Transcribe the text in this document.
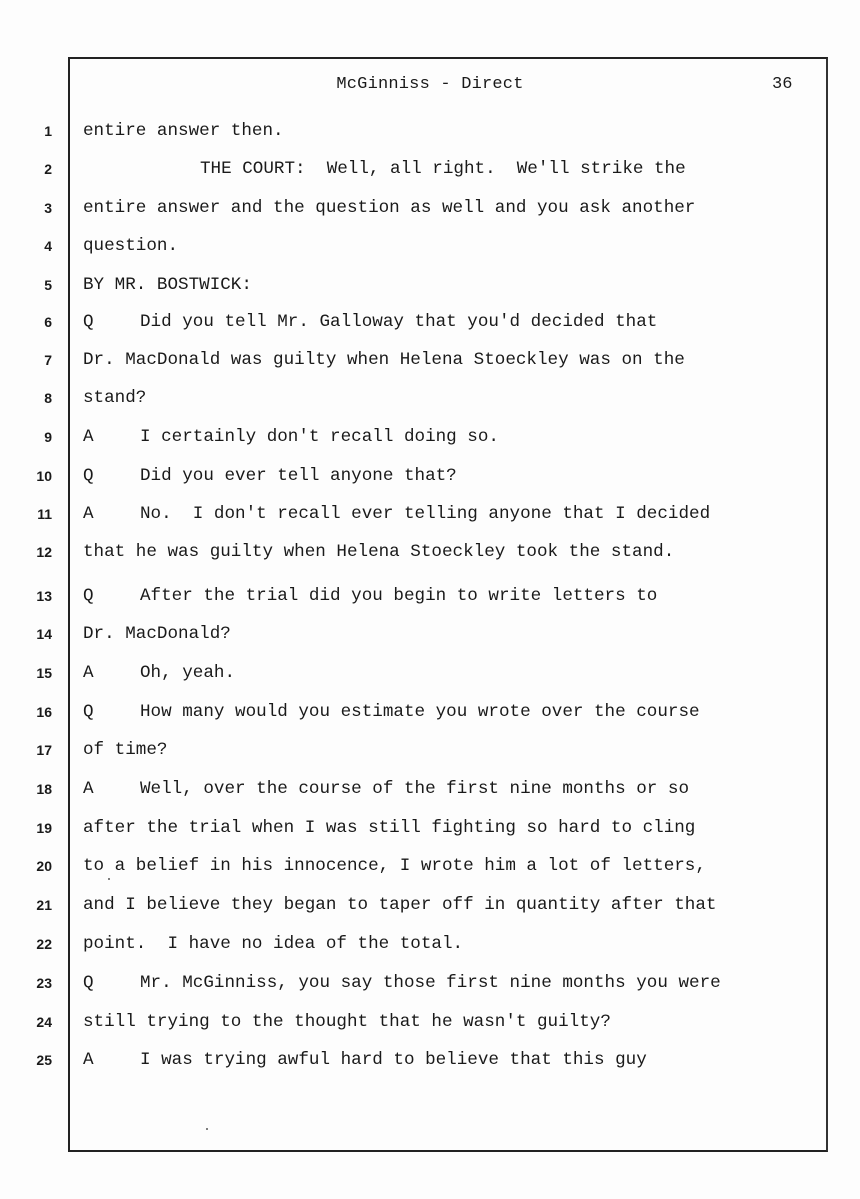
McGinniss - Direct	36
1 entire answer then.
2	THE COURT:  Well, all right.  We'll strike the
3 entire answer and the question as well and you ask another
4 question.
5 BY MR. BOSTWICK:
6 Q	Did you tell Mr. Galloway that you'd decided that
7 Dr. MacDonald was guilty when Helena Stoeckley was on the
8 stand?
9 A	I certainly don't recall doing so.
10 Q	Did you ever tell anyone that?
11 A	No.  I don't recall ever telling anyone that I decided
12 that he was guilty when Helena Stoeckley took the stand.
13 Q	After the trial did you begin to write letters to
14 Dr. MacDonald?
15 A	Oh, yeah.
16 Q	How many would you estimate you wrote over the course
17 of time?
18 A	Well, over the course of the first nine months or so
19 after the trial when I was still fighting so hard to cling
20 to a belief in his innocence, I wrote him a lot of letters,
21 and I believe they began to taper off in quantity after that
22 point.  I have no idea of the total.
23 Q	Mr. McGinniss, you say those first nine months you were
24 still trying to the thought that he wasn't guilty?
25 A	I was trying awful hard to believe that this guy
